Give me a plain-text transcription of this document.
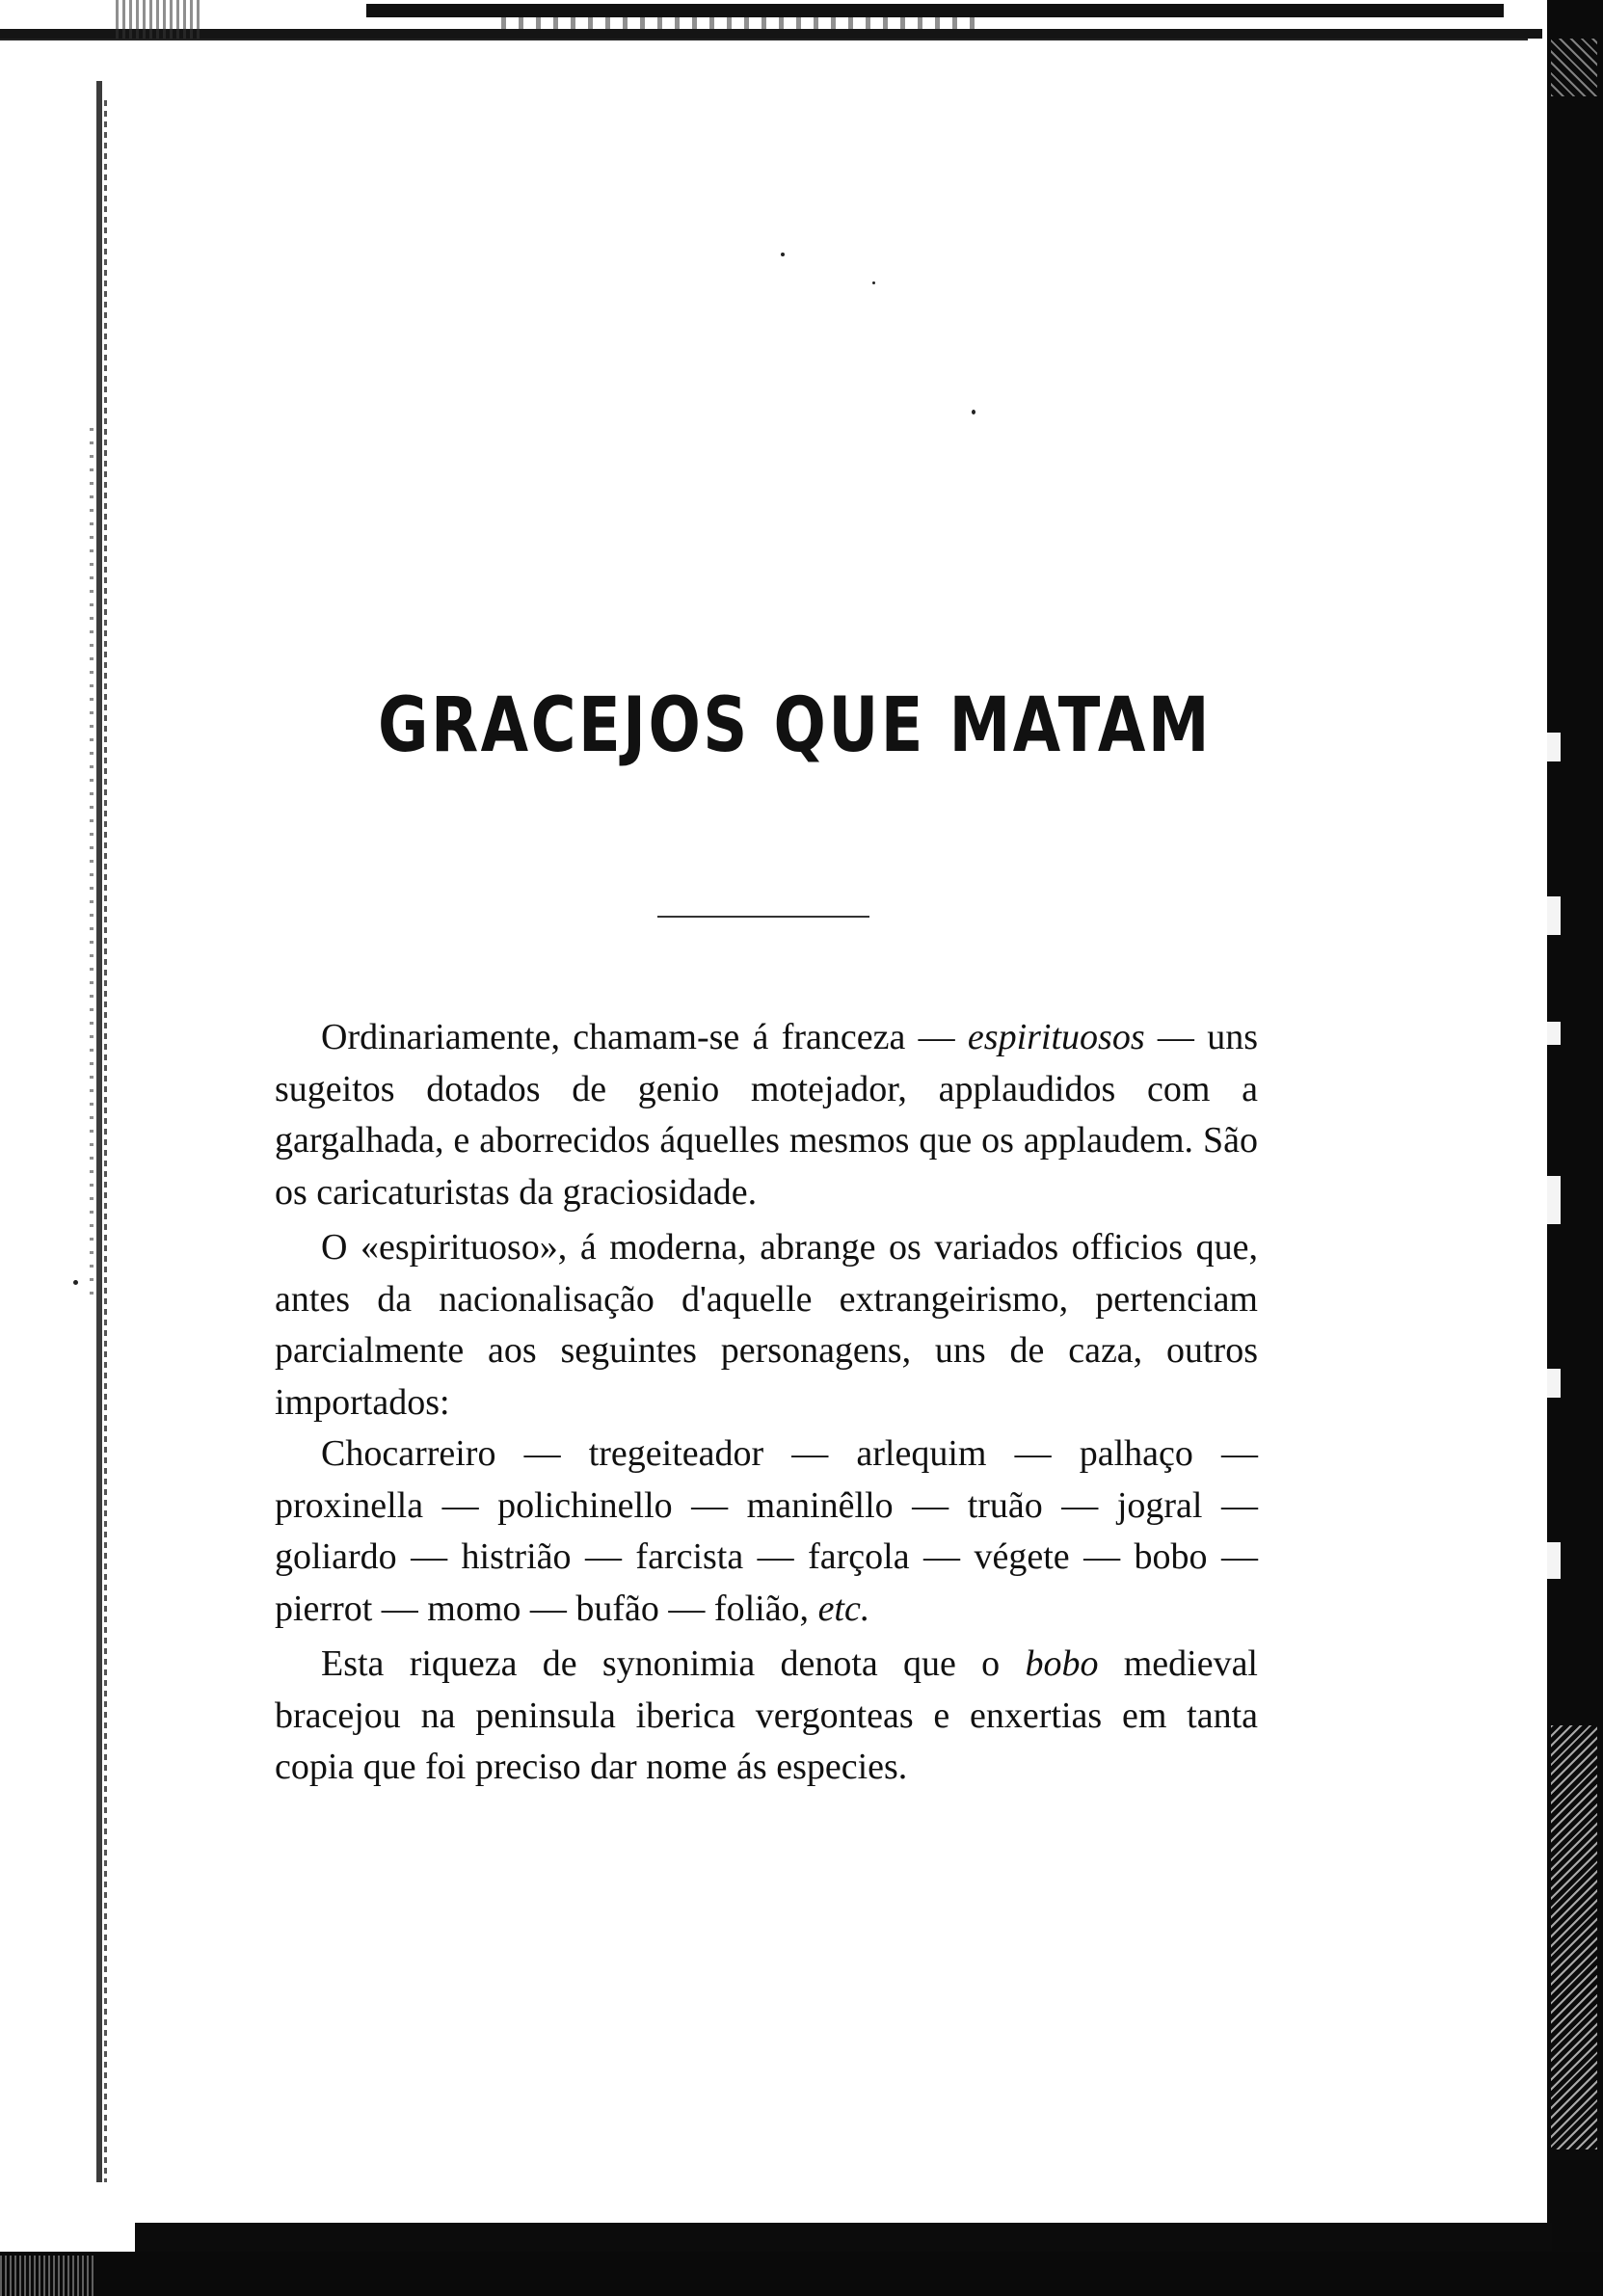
GRACEJOS QUE MATAM

Ordinariamente, chamam-se á franceza — espirituosos — uns sugeitos dotados de genio motejador, applaudidos com a gargalhada, e aborrecidos áquelles mesmos que os applaudem. São os caricaturistas da graciosidade.

O «espirituoso», á moderna, abrange os variados officios que, antes da nacionalisação d'aquelle extrangeirismo, pertenciam parcialmente aos seguintes personagens, uns de caza, outros importados:

Chocarreiro — tregeiteador — arlequim — palhaço — proxinella — polichinello — maninêllo — truão — jogral — goliardo — histrião — farcista — farçola — végete — bobo — pierrot — momo — bufão — folião, etc.

Esta riqueza de synonimia denota que o bobo medieval bracejou na peninsula iberica vergonteas e enxertias em tanta copia que foi preciso dar nome ás especies.
